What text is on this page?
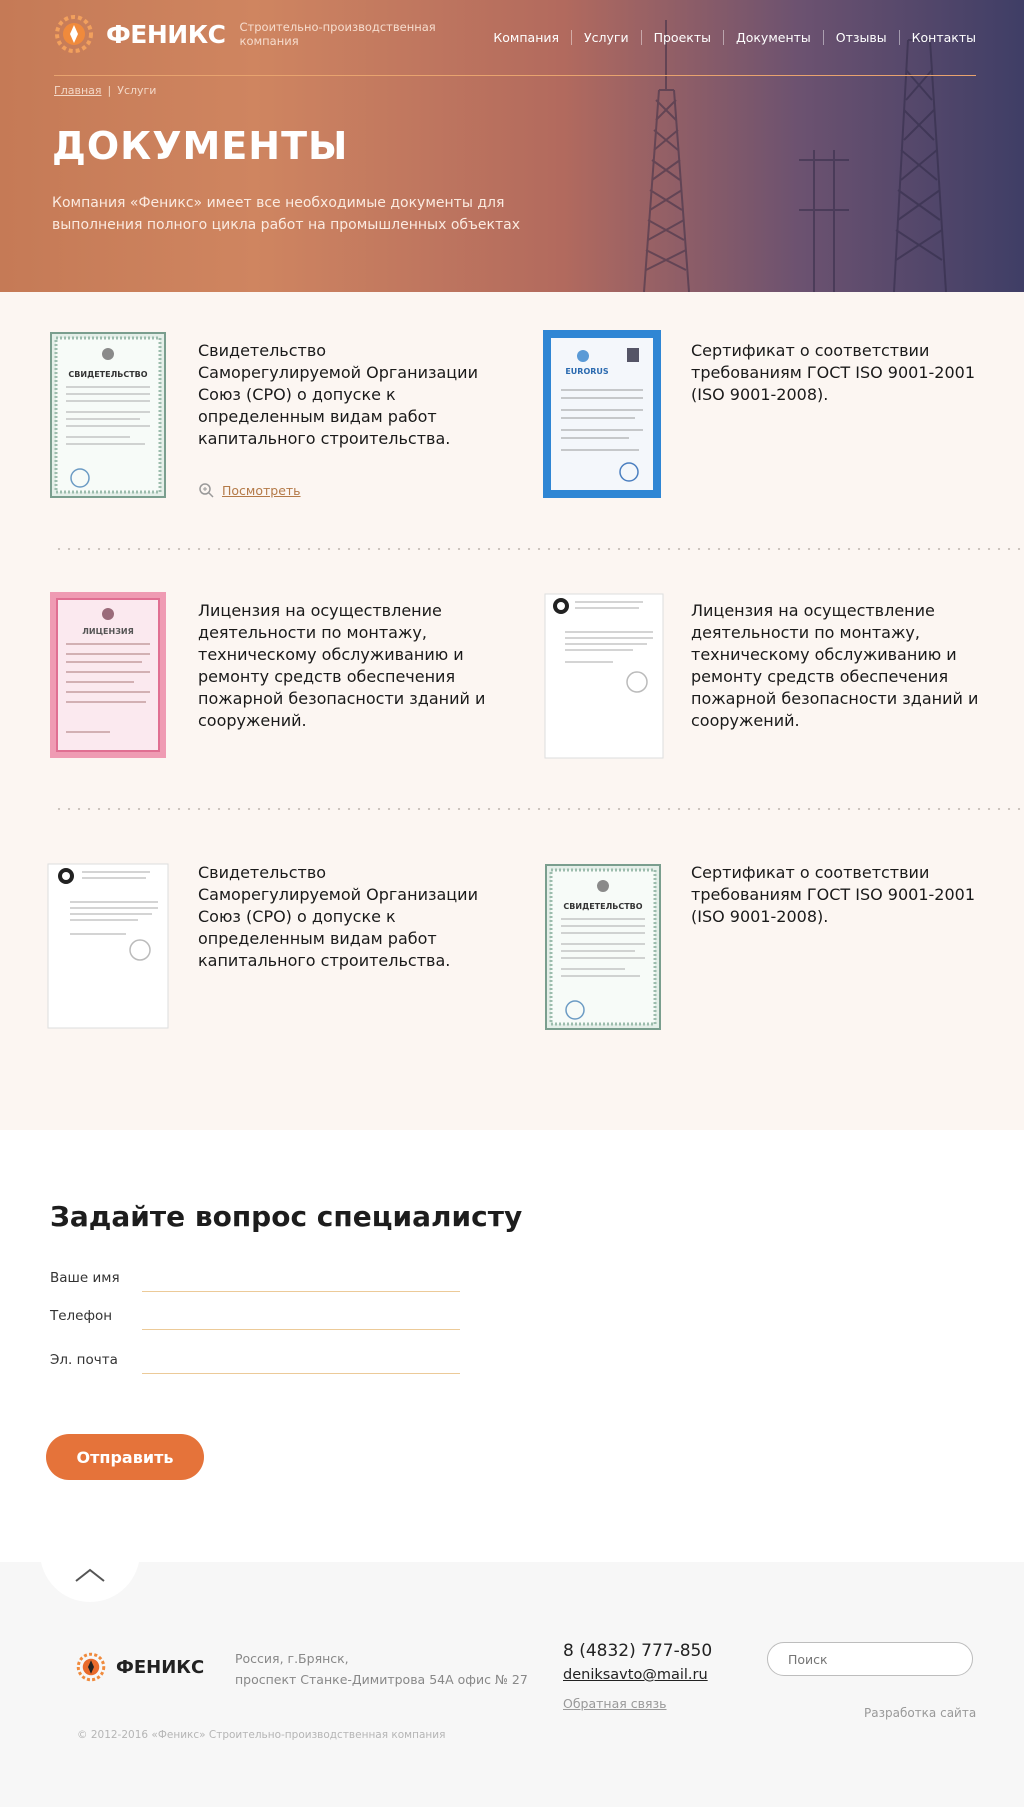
ФЕНИКС Строительно-производственная компания	Компания	Услуги	Проекты	Документы	Отзывы	Контакты
Главная | Услуги
ДОКУМЕНТЫ

Компания «Феникс» имеет все необходимые документы для выполнения полного цикла работ на промышленных объектах

СВИДЕТЕЛЬСТВО
Свидетельство Саморегулируемой Организации Союз (СРО) о допуске к определенным видам работ капитального строительства.
Посмотреть
EURORUS
Сертификат о соответствии требованиям ГОСТ ISO 9001-2001 (ISO 9001-2008).
ЛИЦЕНЗИЯ
Лицензия на осуществление деятельности по монтажу, техническому обслуживанию и ремонту средств обеспечения пожарной безопасности зданий и сооружений.
Лицензия на осуществление деятельности по монтажу, техническому обслуживанию и ремонту средств обеспечения пожарной безопасности зданий и сооружений.
Свидетельство Саморегулируемой Организации Союз (СРО) о допуске к определенным видам работ капитального строительства.
СВИДЕТЕЛЬСТВО
Сертификат о соответствии требованиям ГОСТ ISO 9001-2001 (ISO 9001-2008).
Задайте вопрос специалисту
Ваше имя
Телефон
Эл. почта
Отправить
ФЕНИКС Россия, г.Брянск,
проспект Станке-Димитрова 54А офис № 27
8 (4832) 777-850
deniksavto@mail.ru
Обратная связь
Поиск
Разработка сайта
© 2012-2016 «Феникс» Строительно-производственная компания
